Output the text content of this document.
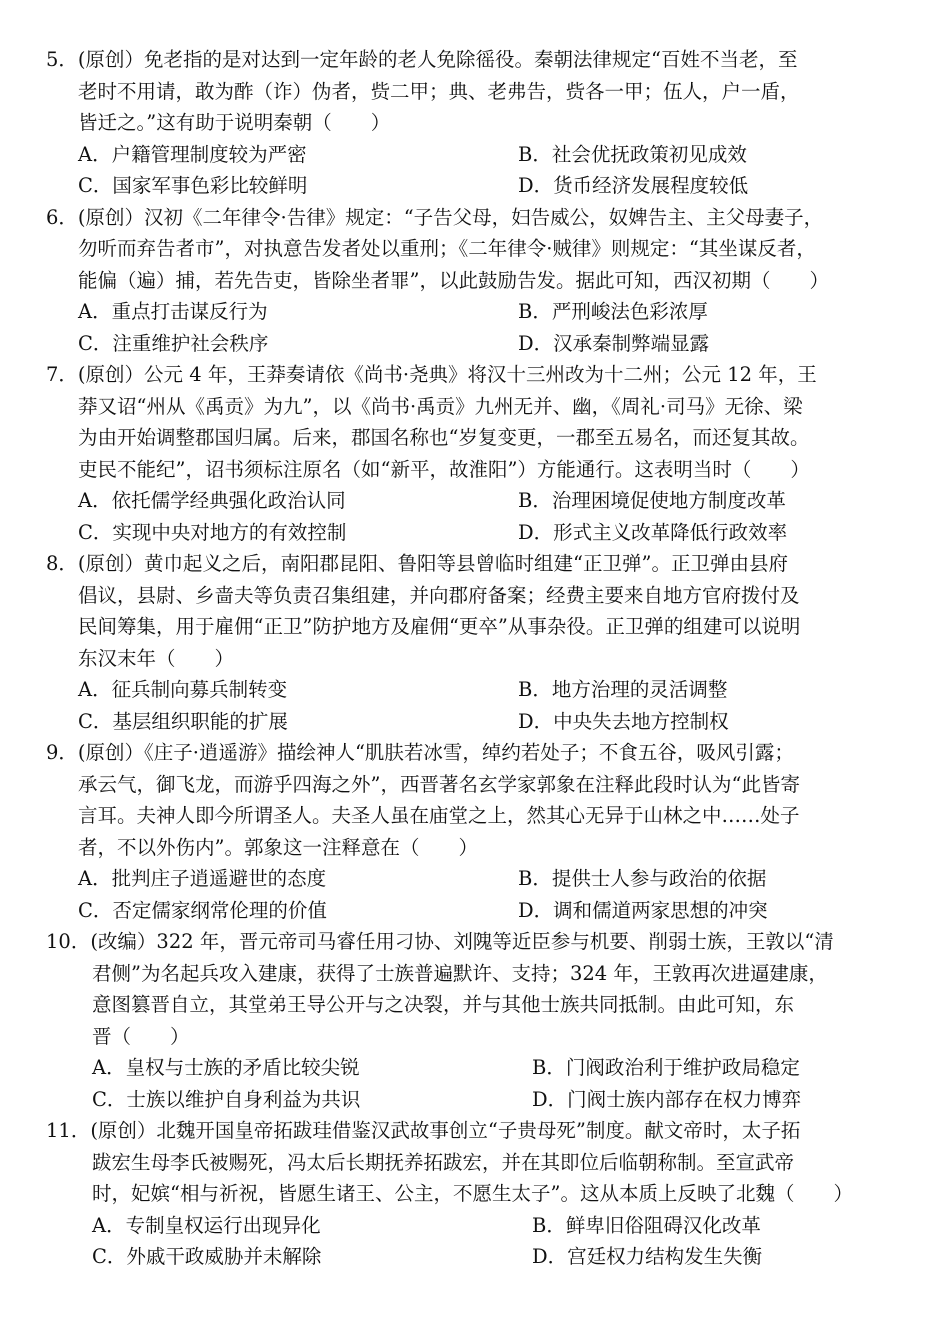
5．(原创）免老指的是对达到一定年龄的老人免除徭役。秦朝法律规定“百姓不当老，至
老时不用请，敢为酢（诈）伪者，赀二甲；典、老弗告，赀各一甲；伍人，户一盾，
皆迁之。”这有助于说明秦朝（　　）
A．户籍管理制度较为严密	B．社会优抚政策初见成效
C．国家军事色彩比较鲜明	D．货币经济发展程度较低
6．(原创）汉初《二年律令·告律》规定：“子告父母，妇告威公，奴婢告主、主父母妻子，
勿听而弃告者市”，对执意告发者处以重刑；《二年律令·贼律》则规定：“其坐谋反者，
能偏（遍）捕，若先告吏，皆除坐者罪”，以此鼓励告发。据此可知，西汉初期（　　）
A．重点打击谋反行为	B．严刑峻法色彩浓厚
C．注重维护社会秩序	D．汉承秦制弊端显露
7．(原创）公元 4 年，王莽奏请依《尚书·尧典》将汉十三州改为十二州；公元 12 年，王
莽又诏“州从《禹贡》为九”，以《尚书·禹贡》九州无并、幽，《周礼·司马》无徐、梁
为由开始调整郡国归属。后来，郡国名称也“岁复变更，一郡至五易名，而还复其故。
吏民不能纪”，诏书须标注原名（如“新平，故淮阳”）方能通行。这表明当时（　　）
A．依托儒学经典强化政治认同	B．治理困境促使地方制度改革
C．实现中央对地方的有效控制	D．形式主义改革降低行政效率
8．(原创）黄巾起义之后，南阳郡昆阳、鲁阳等县曾临时组建“正卫弹”。正卫弹由县府
倡议，县尉、乡啬夫等负责召集组建，并向郡府备案；经费主要来自地方官府拨付及
民间筹集，用于雇佣“正卫”防护地方及雇佣“更卒”从事杂役。正卫弹的组建可以说明
东汉末年（　　）
A．征兵制向募兵制转变	B．地方治理的灵活调整
C．基层组织职能的扩展	D．中央失去地方控制权
9．(原创）《庄子·逍遥游》描绘神人“肌肤若冰雪，绰约若处子；不食五谷，吸风引露；
承云气，御飞龙，而游乎四海之外”，西晋著名玄学家郭象在注释此段时认为“此皆寄
言耳。夫神人即今所谓圣人。夫圣人虽在庙堂之上，然其心无异于山林之中……处子
者，不以外伤内”。郭象这一注释意在（　　）
A．批判庄子逍遥避世的态度	B．提供士人参与政治的依据
C．否定儒家纲常伦理的价值	D．调和儒道两家思想的冲突
10．(改编）322 年，晋元帝司马睿任用刁协、刘隗等近臣参与机要、削弱士族，王敦以“清
君侧”为名起兵攻入建康，获得了士族普遍默许、支持；324 年，王敦再次进逼建康，
意图篡晋自立，其堂弟王导公开与之决裂，并与其他士族共同抵制。由此可知，东
晋（　　）
A．皇权与士族的矛盾比较尖锐	B．门阀政治利于维护政局稳定
C．士族以维护自身利益为共识	D．门阀士族内部存在权力博弈
11．(原创）北魏开国皇帝拓跋珪借鉴汉武故事创立“子贵母死”制度。献文帝时，太子拓
跋宏生母李氏被赐死，冯太后长期抚养拓跋宏，并在其即位后临朝称制。至宣武帝
时，妃嫔“相与祈祝，皆愿生诸王、公主，不愿生太子”。这从本质上反映了北魏（　　）
A．专制皇权运行出现异化	B．鲜卑旧俗阻碍汉化改革
C．外戚干政威胁并未解除	D．宫廷权力结构发生失衡
